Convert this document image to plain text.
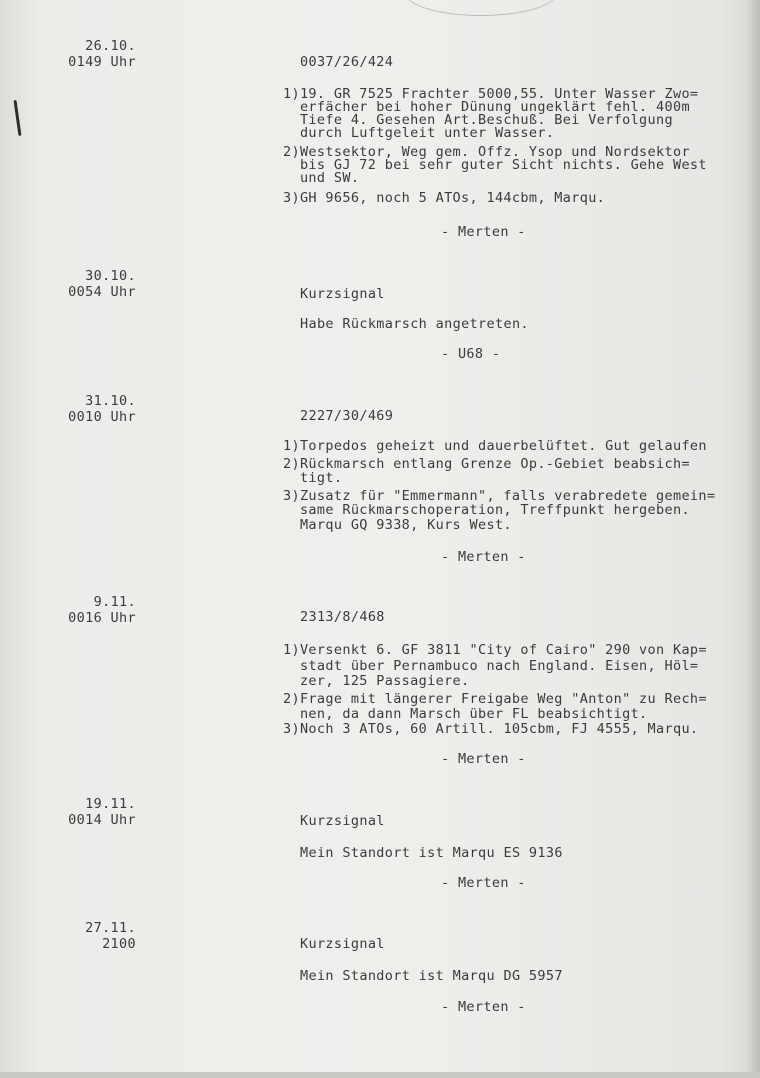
26.10.
0149 Uhr	0037/26/424
1)19. GR 7525 Frachter 5000,55. Unter Wasser Zwo=
erfächer bei hoher Dünung ungeklärt fehl. 400m
Tiefe 4. Gesehen Art.Beschuß. Bei Verfolgung
durch Luftgeleit unter Wasser.
2)Westsektor, Weg gem. Offz. Ysop und Nordsektor
bis GJ 72 bei sehr guter Sicht nichts. Gehe West
und SW.
3)GH 9656, noch 5 ATOs, 144cbm, Marqu.
- Merten -
30.10.
0054 Uhr	Kurzsignal
Habe Rückmarsch angetreten.
- U68 -
31.10.
0010 Uhr	2227/30/469
1)Torpedos geheizt und dauerbelüftet. Gut gelaufen
2)Rückmarsch entlang Grenze Op.-Gebiet beabsich=
tigt.
3)Zusatz für "Emmermann", falls verabredete gemein=
same Rückmarschoperation, Treffpunkt hergeben.
Marqu GQ 9338, Kurs West.
- Merten -
9.11.
0016 Uhr	2313/8/468
1)Versenkt 6. GF 3811 "City of Cairo" 290 von Kap=
stadt über Pernambuco nach England. Eisen, Höl=
zer, 125 Passagiere.
2)Frage mit längerer Freigabe Weg "Anton" zu Rech=
nen, da dann Marsch über FL beabsichtigt.
3)Noch 3 ATOs, 60 Artill. 105cbm, FJ 4555, Marqu.
- Merten -
19.11.
0014 Uhr	Kurzsignal
Mein Standort ist Marqu ES 9136
- Merten -
27.11.
2100	Kurzsignal
Mein Standort ist Marqu DG 5957
- Merten -
